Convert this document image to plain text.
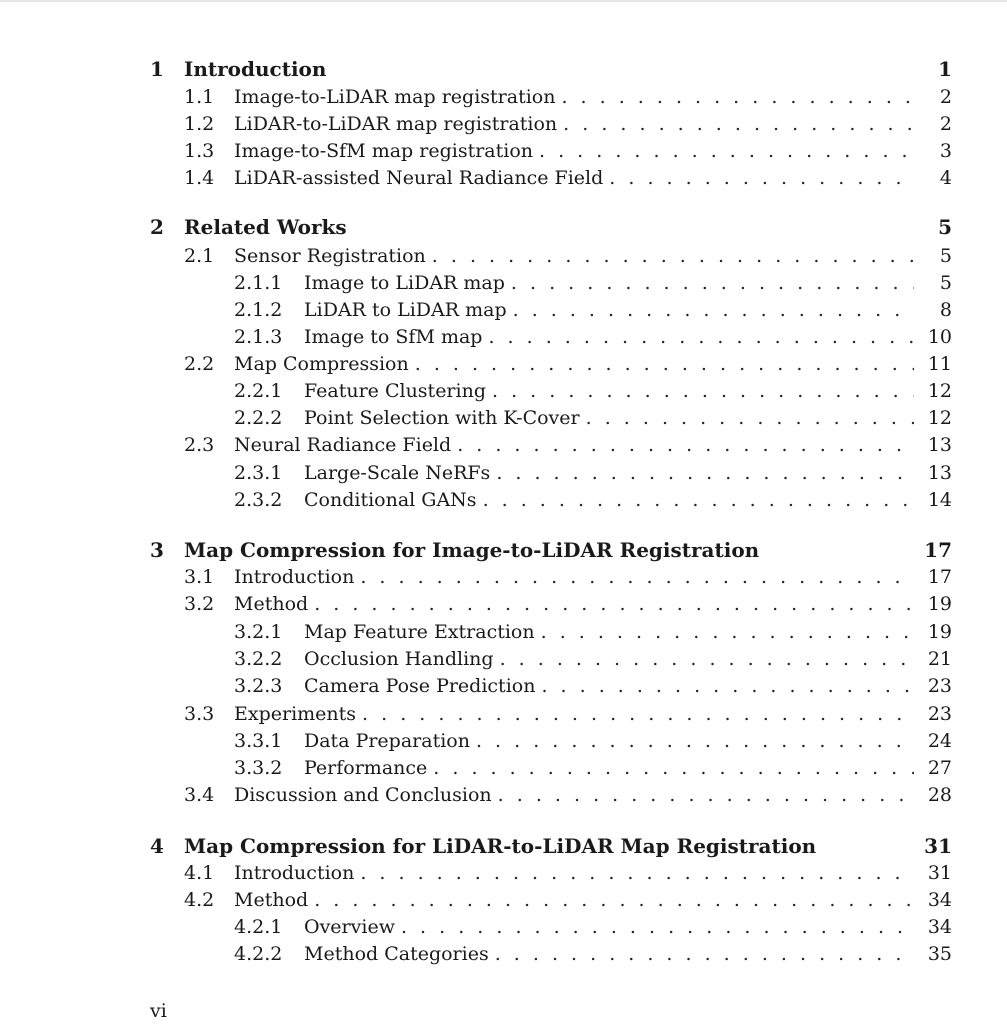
1	Introduction	1
1.1	Image-to-LiDAR map registration . . .	2
1.2	LiDAR-to-LiDAR map registration . . .	2
1.3	Image-to-SfM map registration . . .	3
1.4	LiDAR-assisted Neural Radiance Field . . .	4
2	Related Works	5
2.1	Sensor Registration . . .	5
2.1.1	Image to LiDAR map . . .	5
2.1.2	LiDAR to LiDAR map . . .	8
2.1.3	Image to SfM map . . .	10
2.2	Map Compression . . .	11
2.2.1	Feature Clustering . . .	12
2.2.2	Point Selection with K-Cover . . .	12
2.3	Neural Radiance Field . . .	13
2.3.1	Large-Scale NeRFs . . .	13
2.3.2	Conditional GANs . . .	14
3	Map Compression for Image-to-LiDAR Registration	17
3.1	Introduction . . .	17
3.2	Method . . .	19
3.2.1	Map Feature Extraction . . .	19
3.2.2	Occlusion Handling . . .	21
3.2.3	Camera Pose Prediction . . .	23
3.3	Experiments . . .	23
3.3.1	Data Preparation . . .	24
3.3.2	Performance . . .	27
3.4	Discussion and Conclusion . . .	28
4	Map Compression for LiDAR-to-LiDAR Map Registration	31
4.1	Introduction . . .	31
4.2	Method . . .	34
4.2.1	Overview . . .	34
4.2.2	Method Categories . . .	35
vi
